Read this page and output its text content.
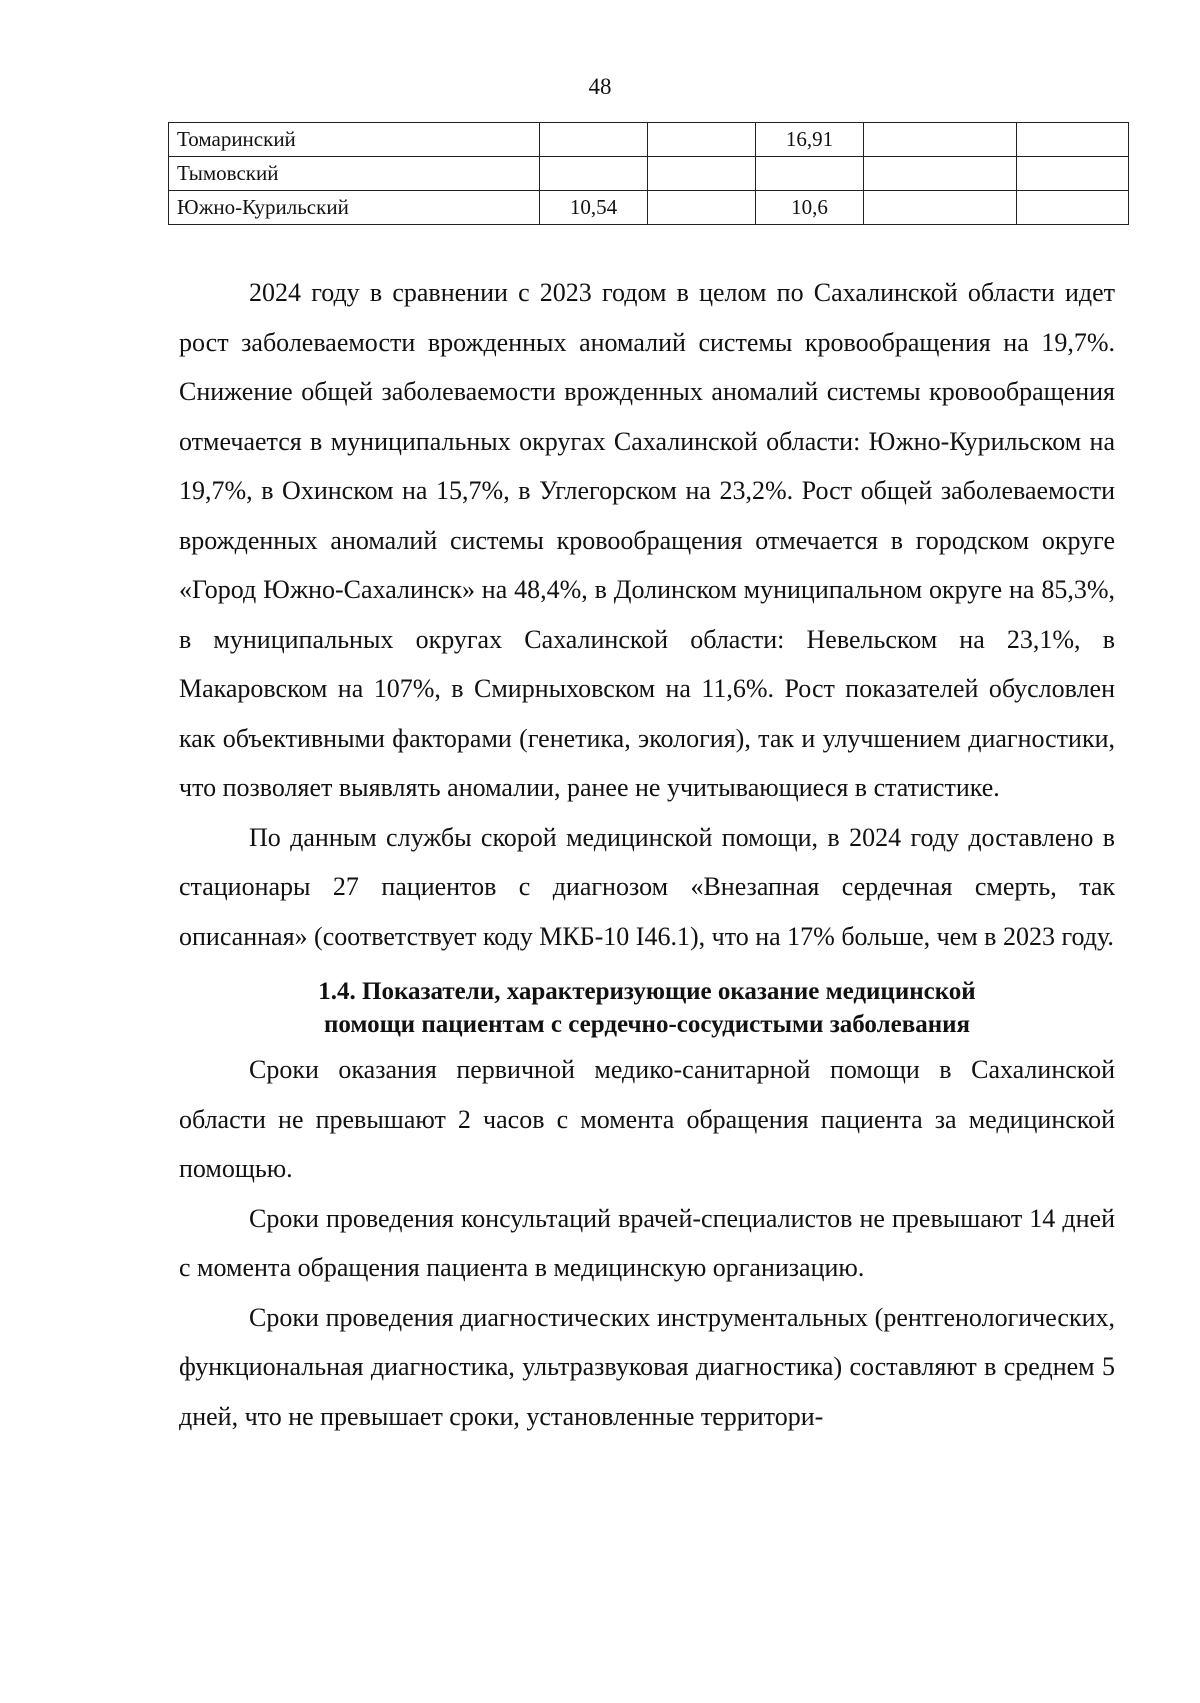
48
Томаринский			16,91		
Тымовский					
Южно-Курильский	10,54		10,6		

2024 году в сравнении с 2023 годом в целом по Сахалинской области идет рост заболеваемости врожденных аномалий системы кровообращения на 19,7%. Снижение общей заболеваемости врожденных аномалий системы кровообращения отмечается в муниципальных округах Сахалинской области: Южно-Курильском на 19,7%, в Охинском на 15,7%, в Углегорском на 23,2%. Рост общей заболеваемости врожденных аномалий системы кровообращения отмечается в городском округе «Город Южно-Сахалинск» на 48,4%, в Долинском муниципальном округе на 85,3%, в муниципальных округах Сахалинской области: Невельском на 23,1%, в Макаровском на 107%, в Смирныховском на 11,6%. Рост показателей обусловлен как объективными факторами (генетика, экология), так и улучшением диагностики, что позволяет выявлять аномалии, ранее не учитывающиеся в статистике.

По данным службы скорой медицинской помощи, в 2024 году доставлено в стационары 27 пациентов с диагнозом «Внезапная сердечная смерть, так описанная» (соответствует коду МКБ-10 I46.1), что на 17% больше, чем в 2023 году.

1.4. Показатели, характеризующие оказание медицинской
помощи пациентам с сердечно-сосудистыми заболевания

Сроки оказания первичной медико-санитарной помощи в Сахалинской области не превышают 2 часов с момента обращения пациента за медицинской помощью.

Сроки проведения консультаций врачей-специалистов не превышают 14 дней с момента обращения пациента в медицинскую организацию.

Сроки проведения диагностических инструментальных (рентгенологических, функциональная диагностика, ультразвуковая диагностика) составляют в среднем 5 дней, что не превышает сроки, установленные территори-
